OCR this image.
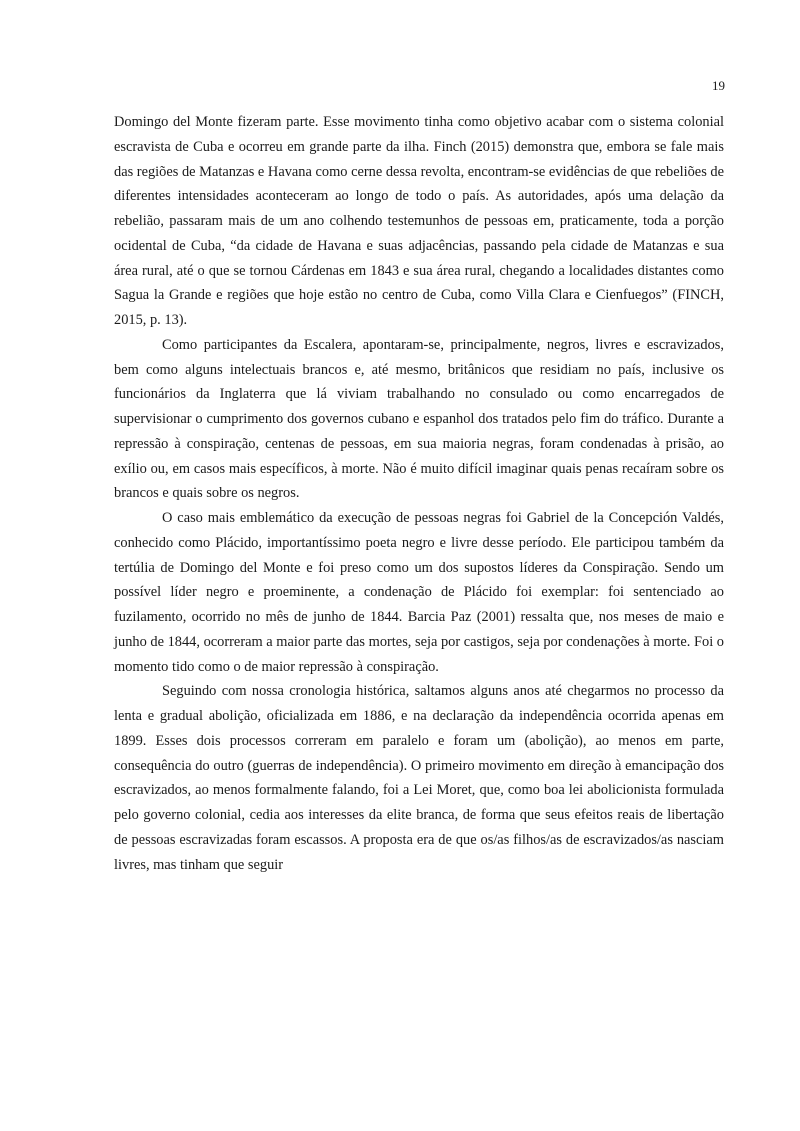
19

Domingo del Monte fizeram parte. Esse movimento tinha como objetivo acabar com o sistema colonial escravista de Cuba e ocorreu em grande parte da ilha. Finch (2015) demonstra que, embora se fale mais das regiões de Matanzas e Havana como cerne dessa revolta, encontram-se evidências de que rebeliões de diferentes intensidades aconteceram ao longo de todo o país. As autoridades, após uma delação da rebelião, passaram mais de um ano colhendo testemunhos de pessoas em, praticamente, toda a porção ocidental de Cuba, “da cidade de Havana e suas adjacências, passando pela cidade de Matanzas e sua área rural, até o que se tornou Cárdenas em 1843 e sua área rural, chegando a localidades distantes como Sagua la Grande e regiões que hoje estão no centro de Cuba, como Villa Clara e Cienfuegos” (FINCH, 2015, p. 13).

Como participantes da Escalera, apontaram-se, principalmente, negros, livres e escravizados, bem como alguns intelectuais brancos e, até mesmo, britânicos que residiam no país, inclusive os funcionários da Inglaterra que lá viviam trabalhando no consulado ou como encarregados de supervisionar o cumprimento dos governos cubano e espanhol dos tratados pelo fim do tráfico. Durante a repressão à conspiração, centenas de pessoas, em sua maioria negras, foram condenadas à prisão, ao exílio ou, em casos mais específicos, à morte. Não é muito difícil imaginar quais penas recaíram sobre os brancos e quais sobre os negros.

O caso mais emblemático da execução de pessoas negras foi Gabriel de la Concepción Valdés, conhecido como Plácido, importantíssimo poeta negro e livre desse período. Ele participou também da tertúlia de Domingo del Monte e foi preso como um dos supostos líderes da Conspiração. Sendo um possível líder negro e proeminente, a condenação de Plácido foi exemplar: foi sentenciado ao fuzilamento, ocorrido no mês de junho de 1844. Barcia Paz (2001) ressalta que, nos meses de maio e junho de 1844, ocorreram a maior parte das mortes, seja por castigos, seja por condenações à morte. Foi o momento tido como o de maior repressão à conspiração.

Seguindo com nossa cronologia histórica, saltamos alguns anos até chegarmos no processo da lenta e gradual abolição, oficializada em 1886, e na declaração da independência ocorrida apenas em 1899. Esses dois processos correram em paralelo e foram um (abolição), ao menos em parte, consequência do outro (guerras de independência). O primeiro movimento em direção à emancipação dos escravizados, ao menos formalmente falando, foi a Lei Moret, que, como boa lei abolicionista formulada pelo governo colonial, cedia aos interesses da elite branca, de forma que seus efeitos reais de libertação de pessoas escravizadas foram escassos. A proposta era de que os/as filhos/as de escravizados/as nasciam livres, mas tinham que seguir
